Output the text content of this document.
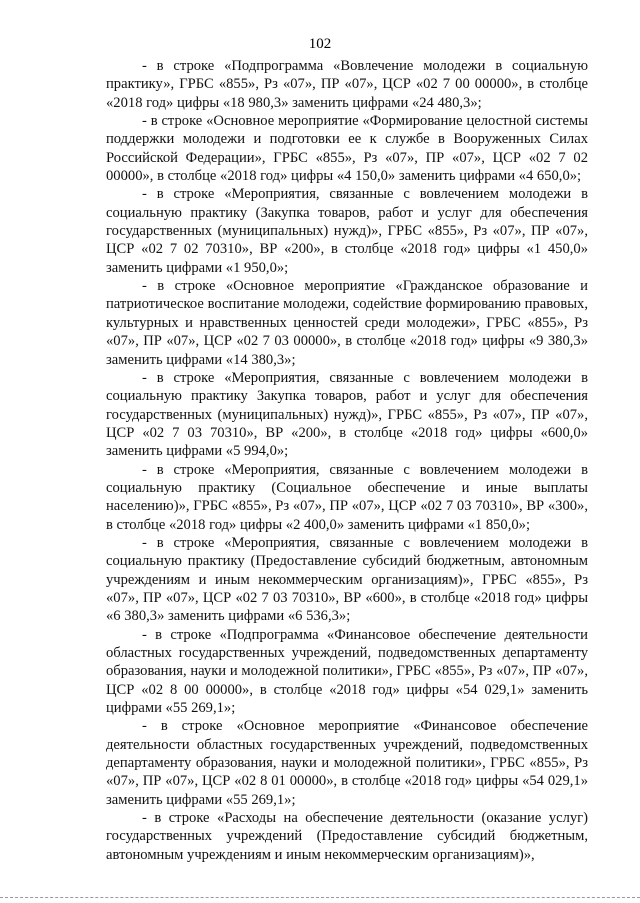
102

- в строке «Подпрограмма «Вовлечение молодежи в социальную практику», ГРБС «855», Рз «07», ПР «07», ЦСР «02 7 00 00000», в столбце «2018 год» цифры «18 980,3» заменить цифрами «24 480,3»;

- в строке «Основное мероприятие «Формирование целостной системы поддержки молодежи и подготовки ее к службе в Вооруженных Силах Российской Федерации», ГРБС «855», Рз «07», ПР «07», ЦСР «02 7 02 00000», в столбце «2018 год» цифры «4 150,0» заменить цифрами «4 650,0»;

- в строке «Мероприятия, связанные с вовлечением молодежи в социальную практику (Закупка товаров, работ и услуг для обеспечения государственных (муниципальных) нужд)», ГРБС «855», Рз «07», ПР «07», ЦСР «02 7 02 70310», ВР «200», в столбце «2018 год» цифры «1 450,0» заменить цифрами «1 950,0»;

- в строке «Основное мероприятие «Гражданское образование и патриотическое воспитание молодежи, содействие формированию правовых, культурных и нравственных ценностей среди молодежи», ГРБС «855», Рз «07», ПР «07», ЦСР «02 7 03 00000», в столбце «2018 год» цифры «9 380,3» заменить цифрами «14 380,3»;

- в строке «Мероприятия, связанные с вовлечением молодежи в социальную практику Закупка товаров, работ и услуг для обеспечения государственных (муниципальных) нужд)», ГРБС «855», Рз «07», ПР «07», ЦСР «02 7 03 70310», ВР «200», в столбце «2018 год» цифры «600,0» заменить цифрами «5 994,0»;

- в строке «Мероприятия, связанные с вовлечением молодежи в социальную практику (Социальное обеспечение и иные выплаты населению)», ГРБС «855», Рз «07», ПР «07», ЦСР «02 7 03 70310», ВР «300», в столбце «2018 год» цифры «2 400,0» заменить цифрами «1 850,0»;

- в строке «Мероприятия, связанные с вовлечением молодежи в социальную практику (Предоставление субсидий бюджетным, автономным учреждениям и иным некоммерческим организациям)», ГРБС «855», Рз «07», ПР «07», ЦСР «02 7 03 70310», ВР «600», в столбце «2018 год» цифры «6 380,3» заменить цифрами «6 536,3»;

- в строке «Подпрограмма «Финансовое обеспечение деятельности областных государственных учреждений, подведомственных департаменту образования, науки и молодежной политики», ГРБС «855», Рз «07», ПР «07», ЦСР «02 8 00 00000», в столбце «2018 год» цифры «54 029,1» заменить цифрами «55 269,1»;

- в строке «Основное мероприятие «Финансовое обеспечение деятельности областных государственных учреждений, подведомственных департаменту образования, науки и молодежной политики», ГРБС «855», Рз «07», ПР «07», ЦСР «02 8 01 00000», в столбце «2018 год» цифры «54 029,1» заменить цифрами «55 269,1»;

- в строке «Расходы на обеспечение деятельности (оказание услуг) государственных учреждений (Предоставление субсидий бюджетным, автономным учреждениям и иным некоммерческим организациям)»,
